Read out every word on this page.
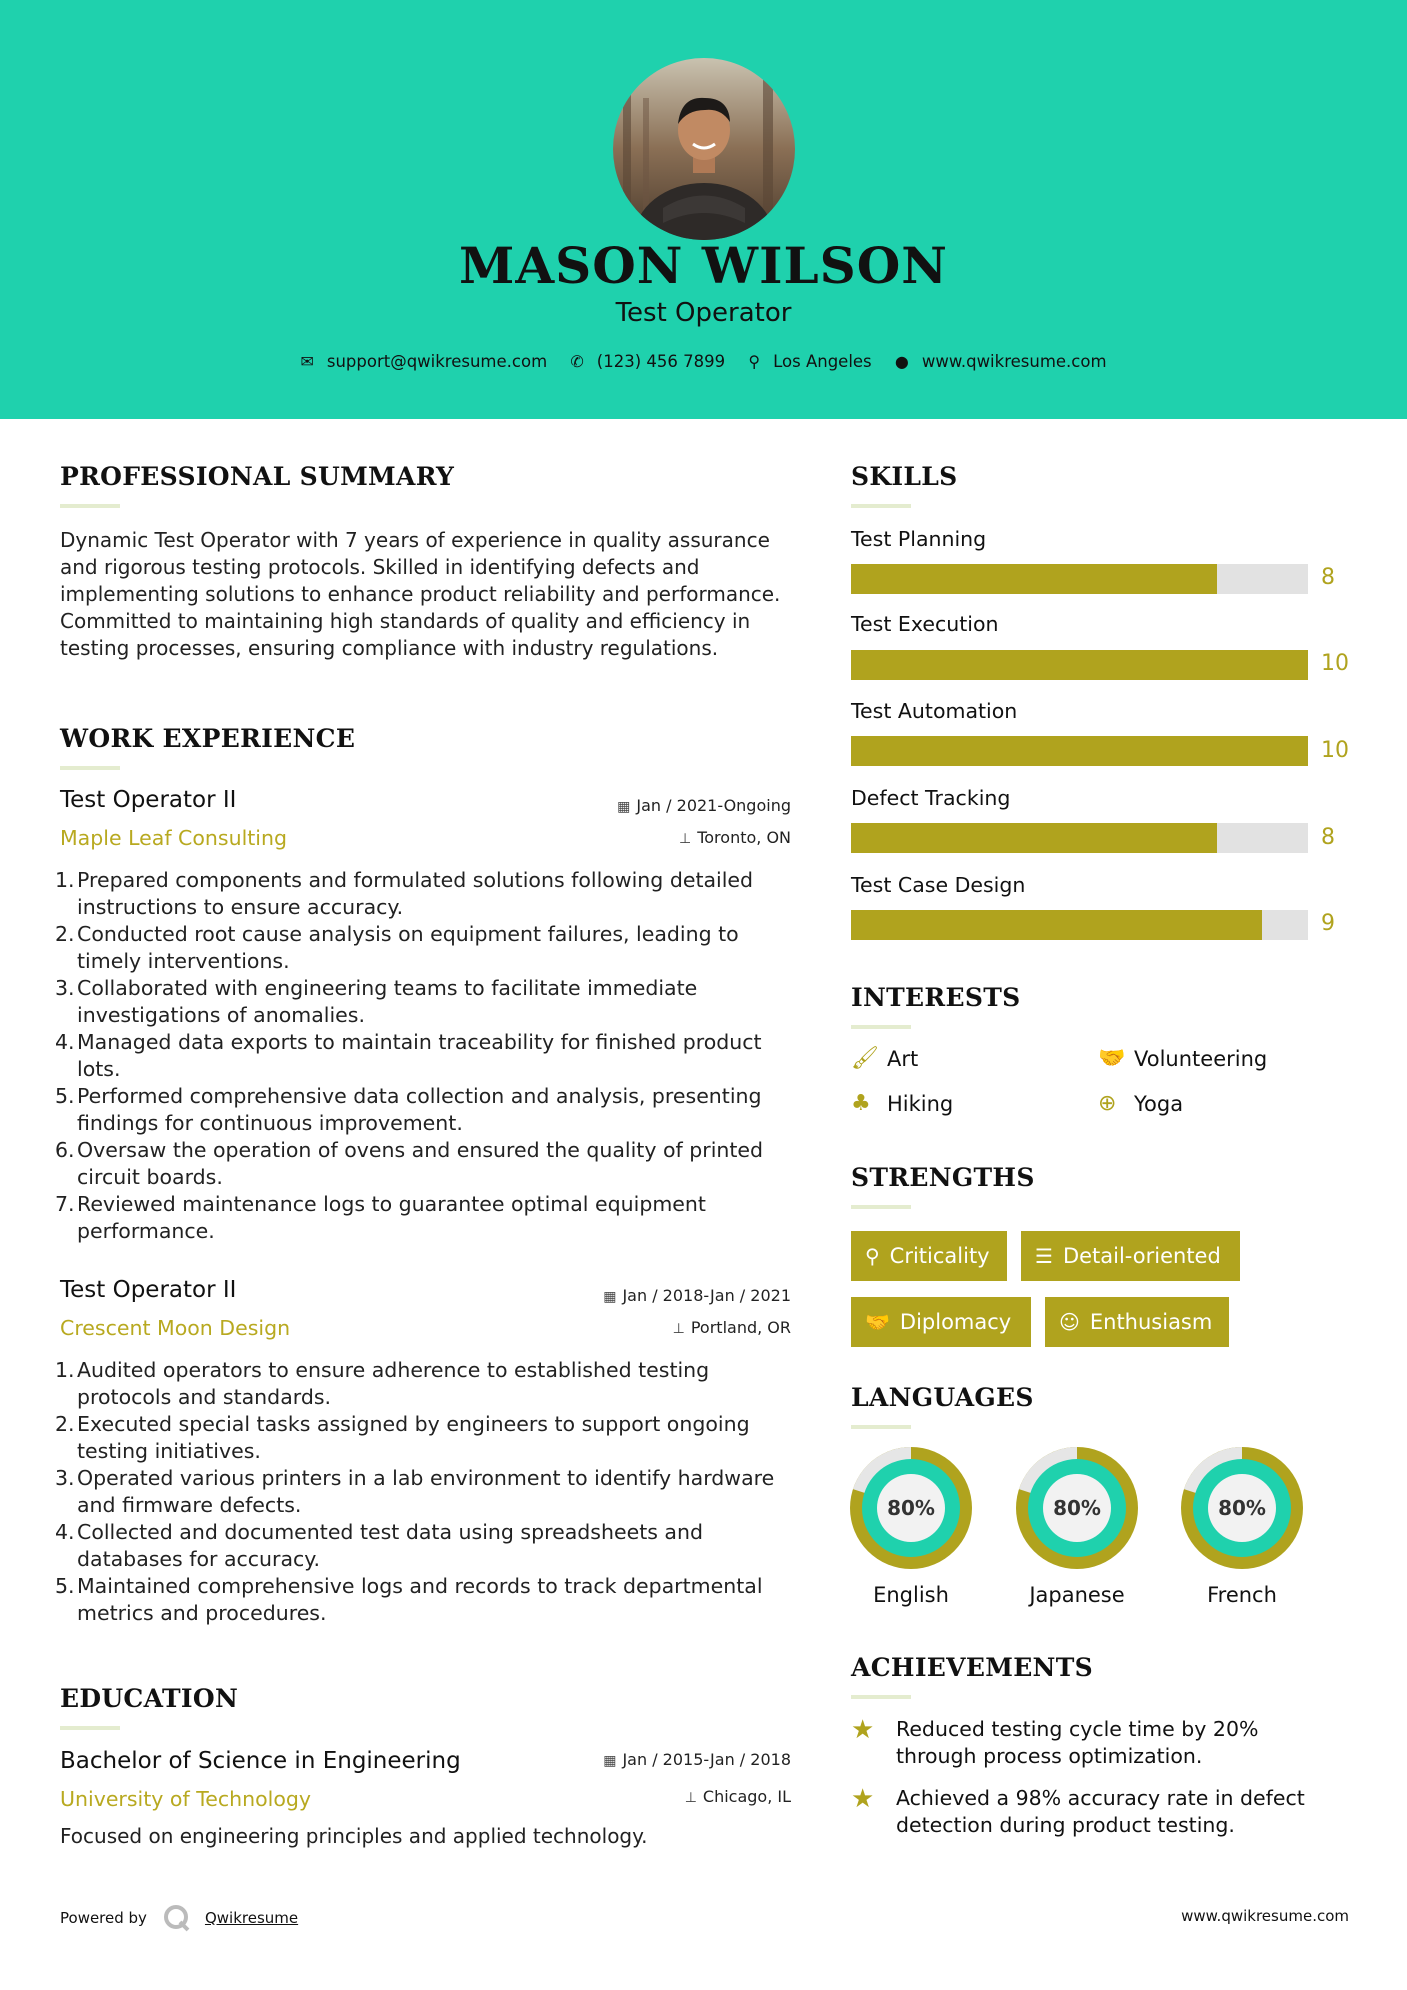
MASON WILSON
Test Operator
✉ support@qwikresume.com
✆ (123) 456 7899
⚲ Los Angeles
● www.qwikresume.com
PROFESSIONAL SUMMARY
Dynamic Test Operator with 7 years of experience in quality assurance and rigorous testing protocols. Skilled in identifying defects and implementing solutions to enhance product reliability and performance. Committed to maintaining high standards of quality and efficiency in testing processes, ensuring compliance with industry regulations.
WORK EXPERIENCE
Test Operator II
Maple Leaf Consulting
▦ Jan / 2021-Ongoing
⊥ Toronto, ON
Prepared components and formulated solutions following detailed instructions to ensure accuracy.
Conducted root cause analysis on equipment failures, leading to timely interventions.
Collaborated with engineering teams to facilitate immediate investigations of anomalies.
Managed data exports to maintain traceability for finished product lots.
Performed comprehensive data collection and analysis, presenting findings for continuous improvement.
Oversaw the operation of ovens and ensured the quality of printed circuit boards.
Reviewed maintenance logs to guarantee optimal equipment performance.
Test Operator II
Crescent Moon Design
▦ Jan / 2018-Jan / 2021
⊥ Portland, OR
Audited operators to ensure adherence to established testing protocols and standards.
Executed special tasks assigned by engineers to support ongoing testing initiatives.
Operated various printers in a lab environment to identify hardware and firmware defects.
Collected and documented test data using spreadsheets and databases for accuracy.
Maintained comprehensive logs and records to track departmental metrics and procedures.
EDUCATION
Bachelor of Science in Engineering
University of Technology
▦ Jan / 2015-Jan / 2018
⊥ Chicago, IL
Focused on engineering principles and applied technology.
SKILLS
Test Planning
8
Test Execution
10
Test Automation
10
Defect Tracking
8
Test Case Design
9
INTERESTS
🖌 Art	🤝 Volunteering
♣ Hiking	⊕ Yoga
STRENGTHS
⚲ Criticality ☰ Detail-oriented
🤝 Diplomacy ☺ Enthusiasm
LANGUAGES
80%	80%	80%
English	Japanese	French
ACHIEVEMENTS
★ Reduced testing cycle time by 20% through process optimization.
★ Achieved a 98% accuracy rate in defect detection during product testing.
Powered by	Qwikresume	www.qwikresume.com
